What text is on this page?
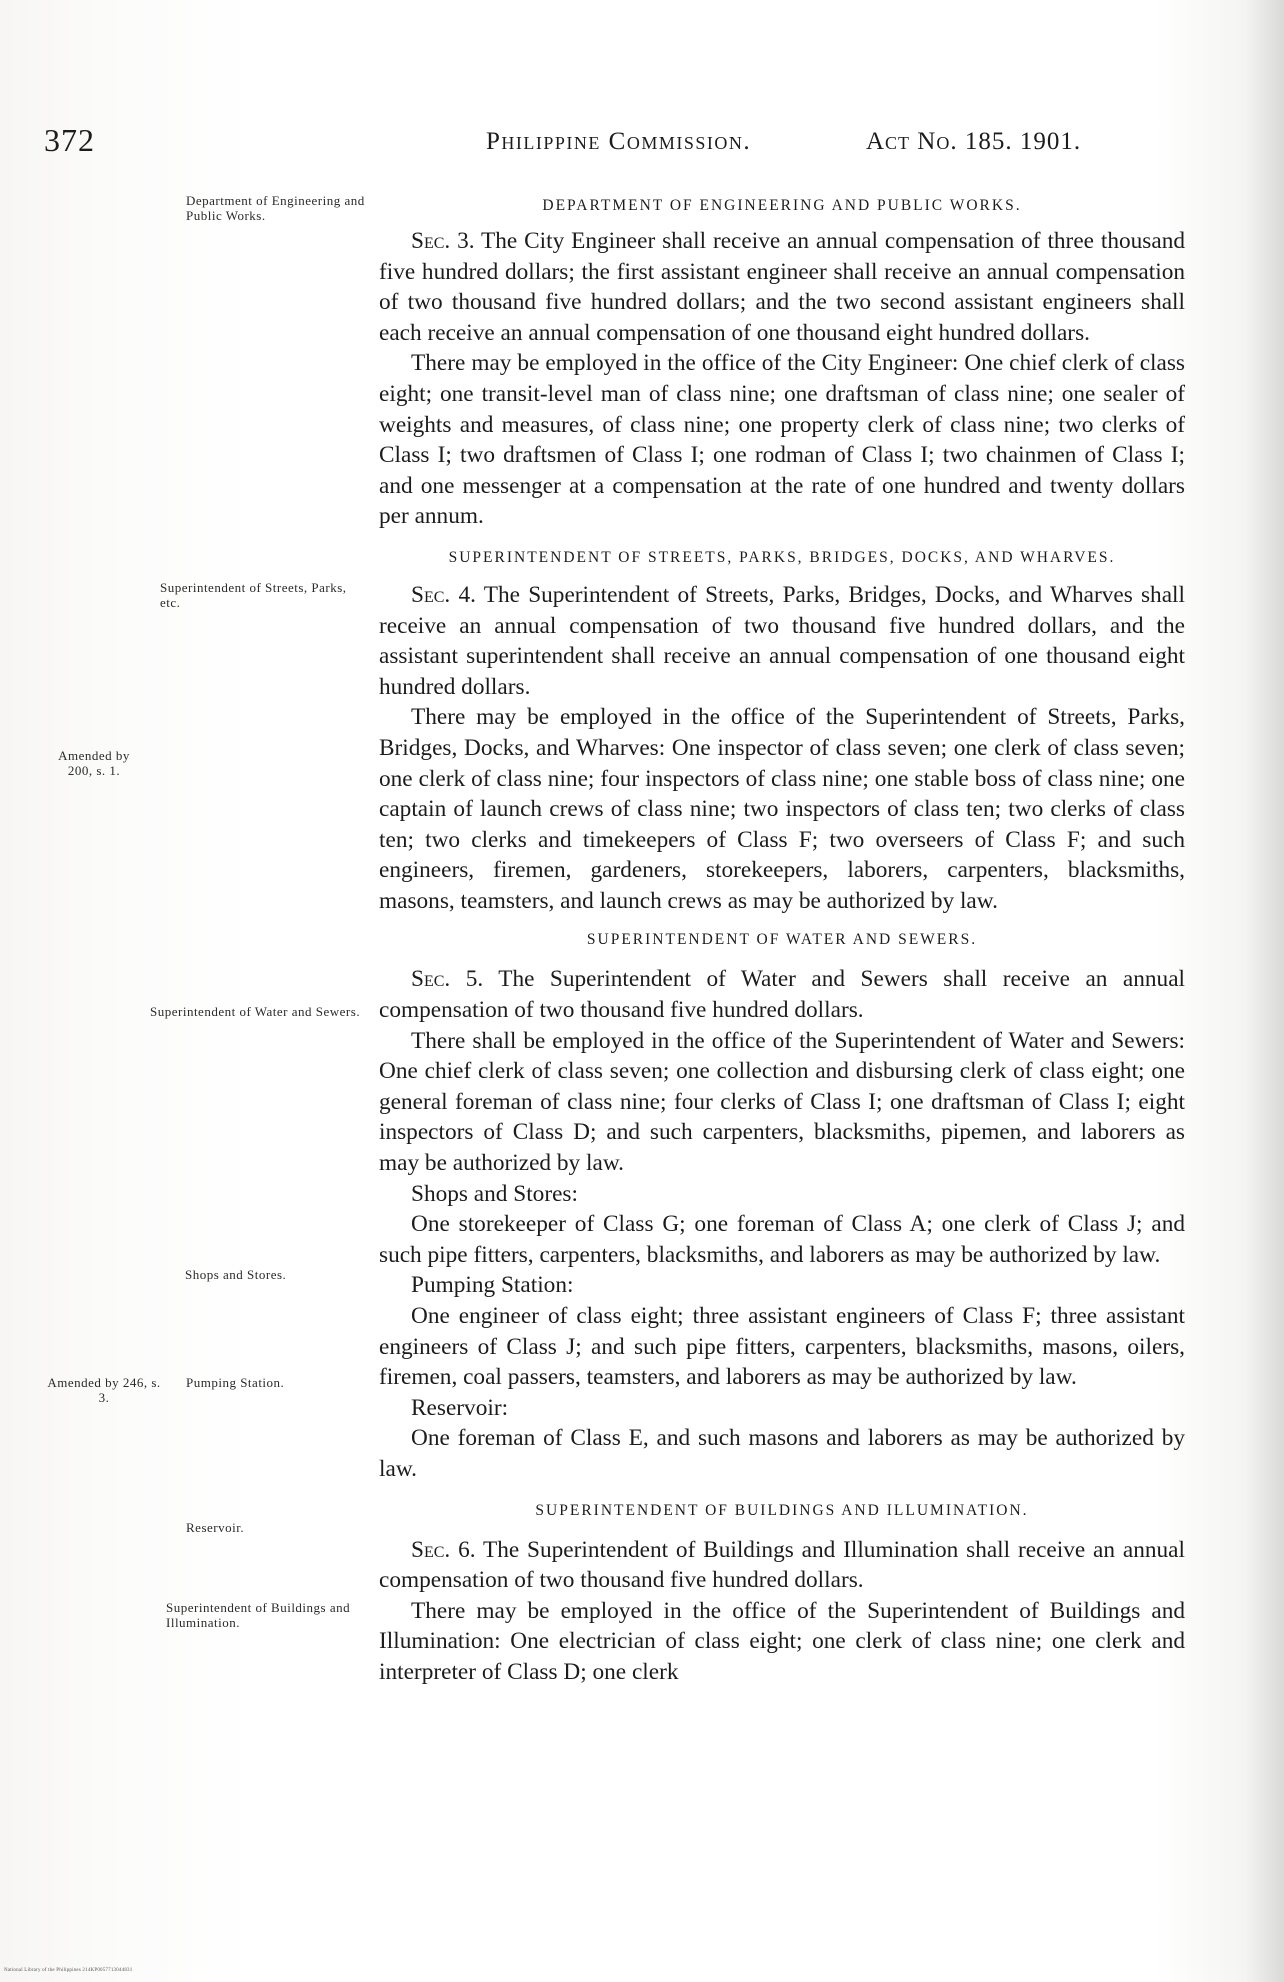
372	Philippine Commission.	Act No. 185. 1901.
Department of Engineering and Public Works.
Superintendent of Streets, Parks, etc.
Amended by 200, s. 1.
Superintendent of Water and Sewers.
Shops and Stores.
Amended by 246, s. 3.
Pumping Station.
Reservoir.
Superintendent of Buildings and Illumination.
DEPARTMENT OF ENGINEERING AND PUBLIC WORKS.

Sec. 3. The City Engineer shall receive an annual compensation of three thousand five hundred dollars; the first assistant engineer shall receive an annual compensation of two thousand five hundred dollars; and the two second assistant engineers shall each receive an annual compensation of one thousand eight hundred dollars.

There may be employed in the office of the City Engineer: One chief clerk of class eight; one transit-level man of class nine; one draftsman of class nine; one sealer of weights and measures, of class nine; one property clerk of class nine; two clerks of Class I; two draftsmen of Class I; one rodman of Class I; two chainmen of Class I; and one messenger at a compensation at the rate of one hundred and twenty dollars per annum.

SUPERINTENDENT OF STREETS, PARKS, BRIDGES, DOCKS, AND WHARVES.

Sec. 4. The Superintendent of Streets, Parks, Bridges, Docks, and Wharves shall receive an annual compensation of two thousand five hundred dollars, and the assistant superintendent shall receive an annual compensation of one thousand eight hundred dollars.

There may be employed in the office of the Superintendent of Streets, Parks, Bridges, Docks, and Wharves: One inspector of class seven; one clerk of class seven; one clerk of class nine; four inspectors of class nine; one stable boss of class nine; one captain of launch crews of class nine; two inspectors of class ten; two clerks of class ten; two clerks and timekeepers of Class F; two overseers of Class F; and such engineers, firemen, gardeners, storekeepers, laborers, carpenters, blacksmiths, masons, teamsters, and launch crews as may be authorized by law.

SUPERINTENDENT OF WATER AND SEWERS.

Sec. 5. The Superintendent of Water and Sewers shall receive an annual compensation of two thousand five hundred dollars.

There shall be employed in the office of the Superintendent of Water and Sewers: One chief clerk of class seven; one collection and disbursing clerk of class eight; one general foreman of class nine; four clerks of Class I; one draftsman of Class I; eight inspectors of Class D; and such carpenters, blacksmiths, pipemen, and laborers as may be authorized by law.

Shops and Stores:

One storekeeper of Class G; one foreman of Class A; one clerk of Class J; and such pipe fitters, carpenters, blacksmiths, and laborers as may be authorized by law.

Pumping Station:

One engineer of class eight; three assistant engineers of Class F; three assistant engineers of Class J; and such pipe fitters, carpenters, blacksmiths, masons, oilers, firemen, coal passers, teamsters, and laborers as may be authorized by law.

Reservoir:

One foreman of Class E, and such masons and laborers as may be authorized by law.

SUPERINTENDENT OF BUILDINGS AND ILLUMINATION.

Sec. 6. The Superintendent of Buildings and Illumination shall receive an annual compensation of two thousand five hundred dollars.

There may be employed in the office of the Superintendent of Buildings and Illumination: One electrician of class eight; one clerk of class nine; one clerk and interpreter of Class D; one clerk

National Library of the Philippines 214KP0057713044831
